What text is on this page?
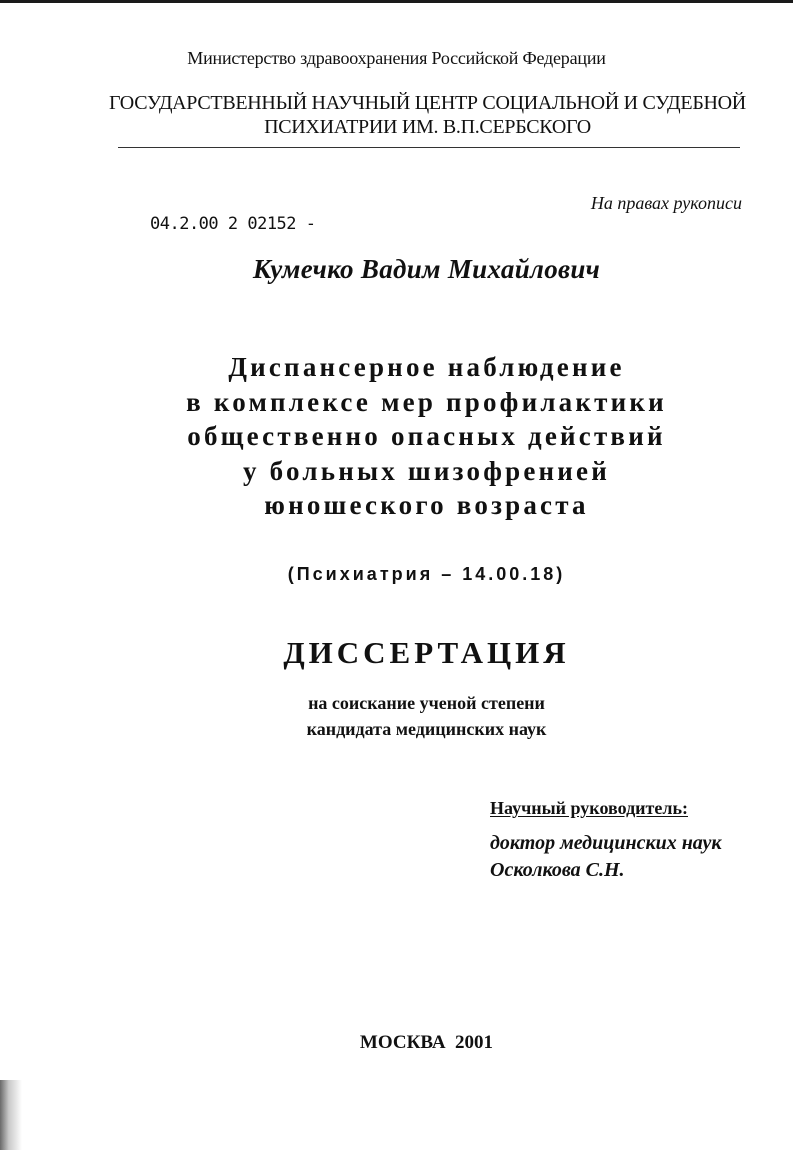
Министерство здравоохранения Российской Федерации
ГОСУДАРСТВЕННЫЙ НАУЧНЫЙ ЦЕНТР СОЦИАЛЬНОЙ И СУДЕБНОЙ
ПСИХИАТРИИ ИМ. В.П.СЕРБСКОГО
На правах рукописи
04.2.00 2 02152 -
Кумечко Вадим Михайлович
Диспансерное наблюдение
в комплексе мер профилактики
общественно опасных действий
у больных шизофренией
юношеского возраста
(Психиатрия – 14.00.18)
ДИССЕРТАЦИЯ
на соискание ученой степени
кандидата медицинских наук
Научный руководитель:
доктор медицинских наук
Осколкова С.Н.
МОСКВА  2001
